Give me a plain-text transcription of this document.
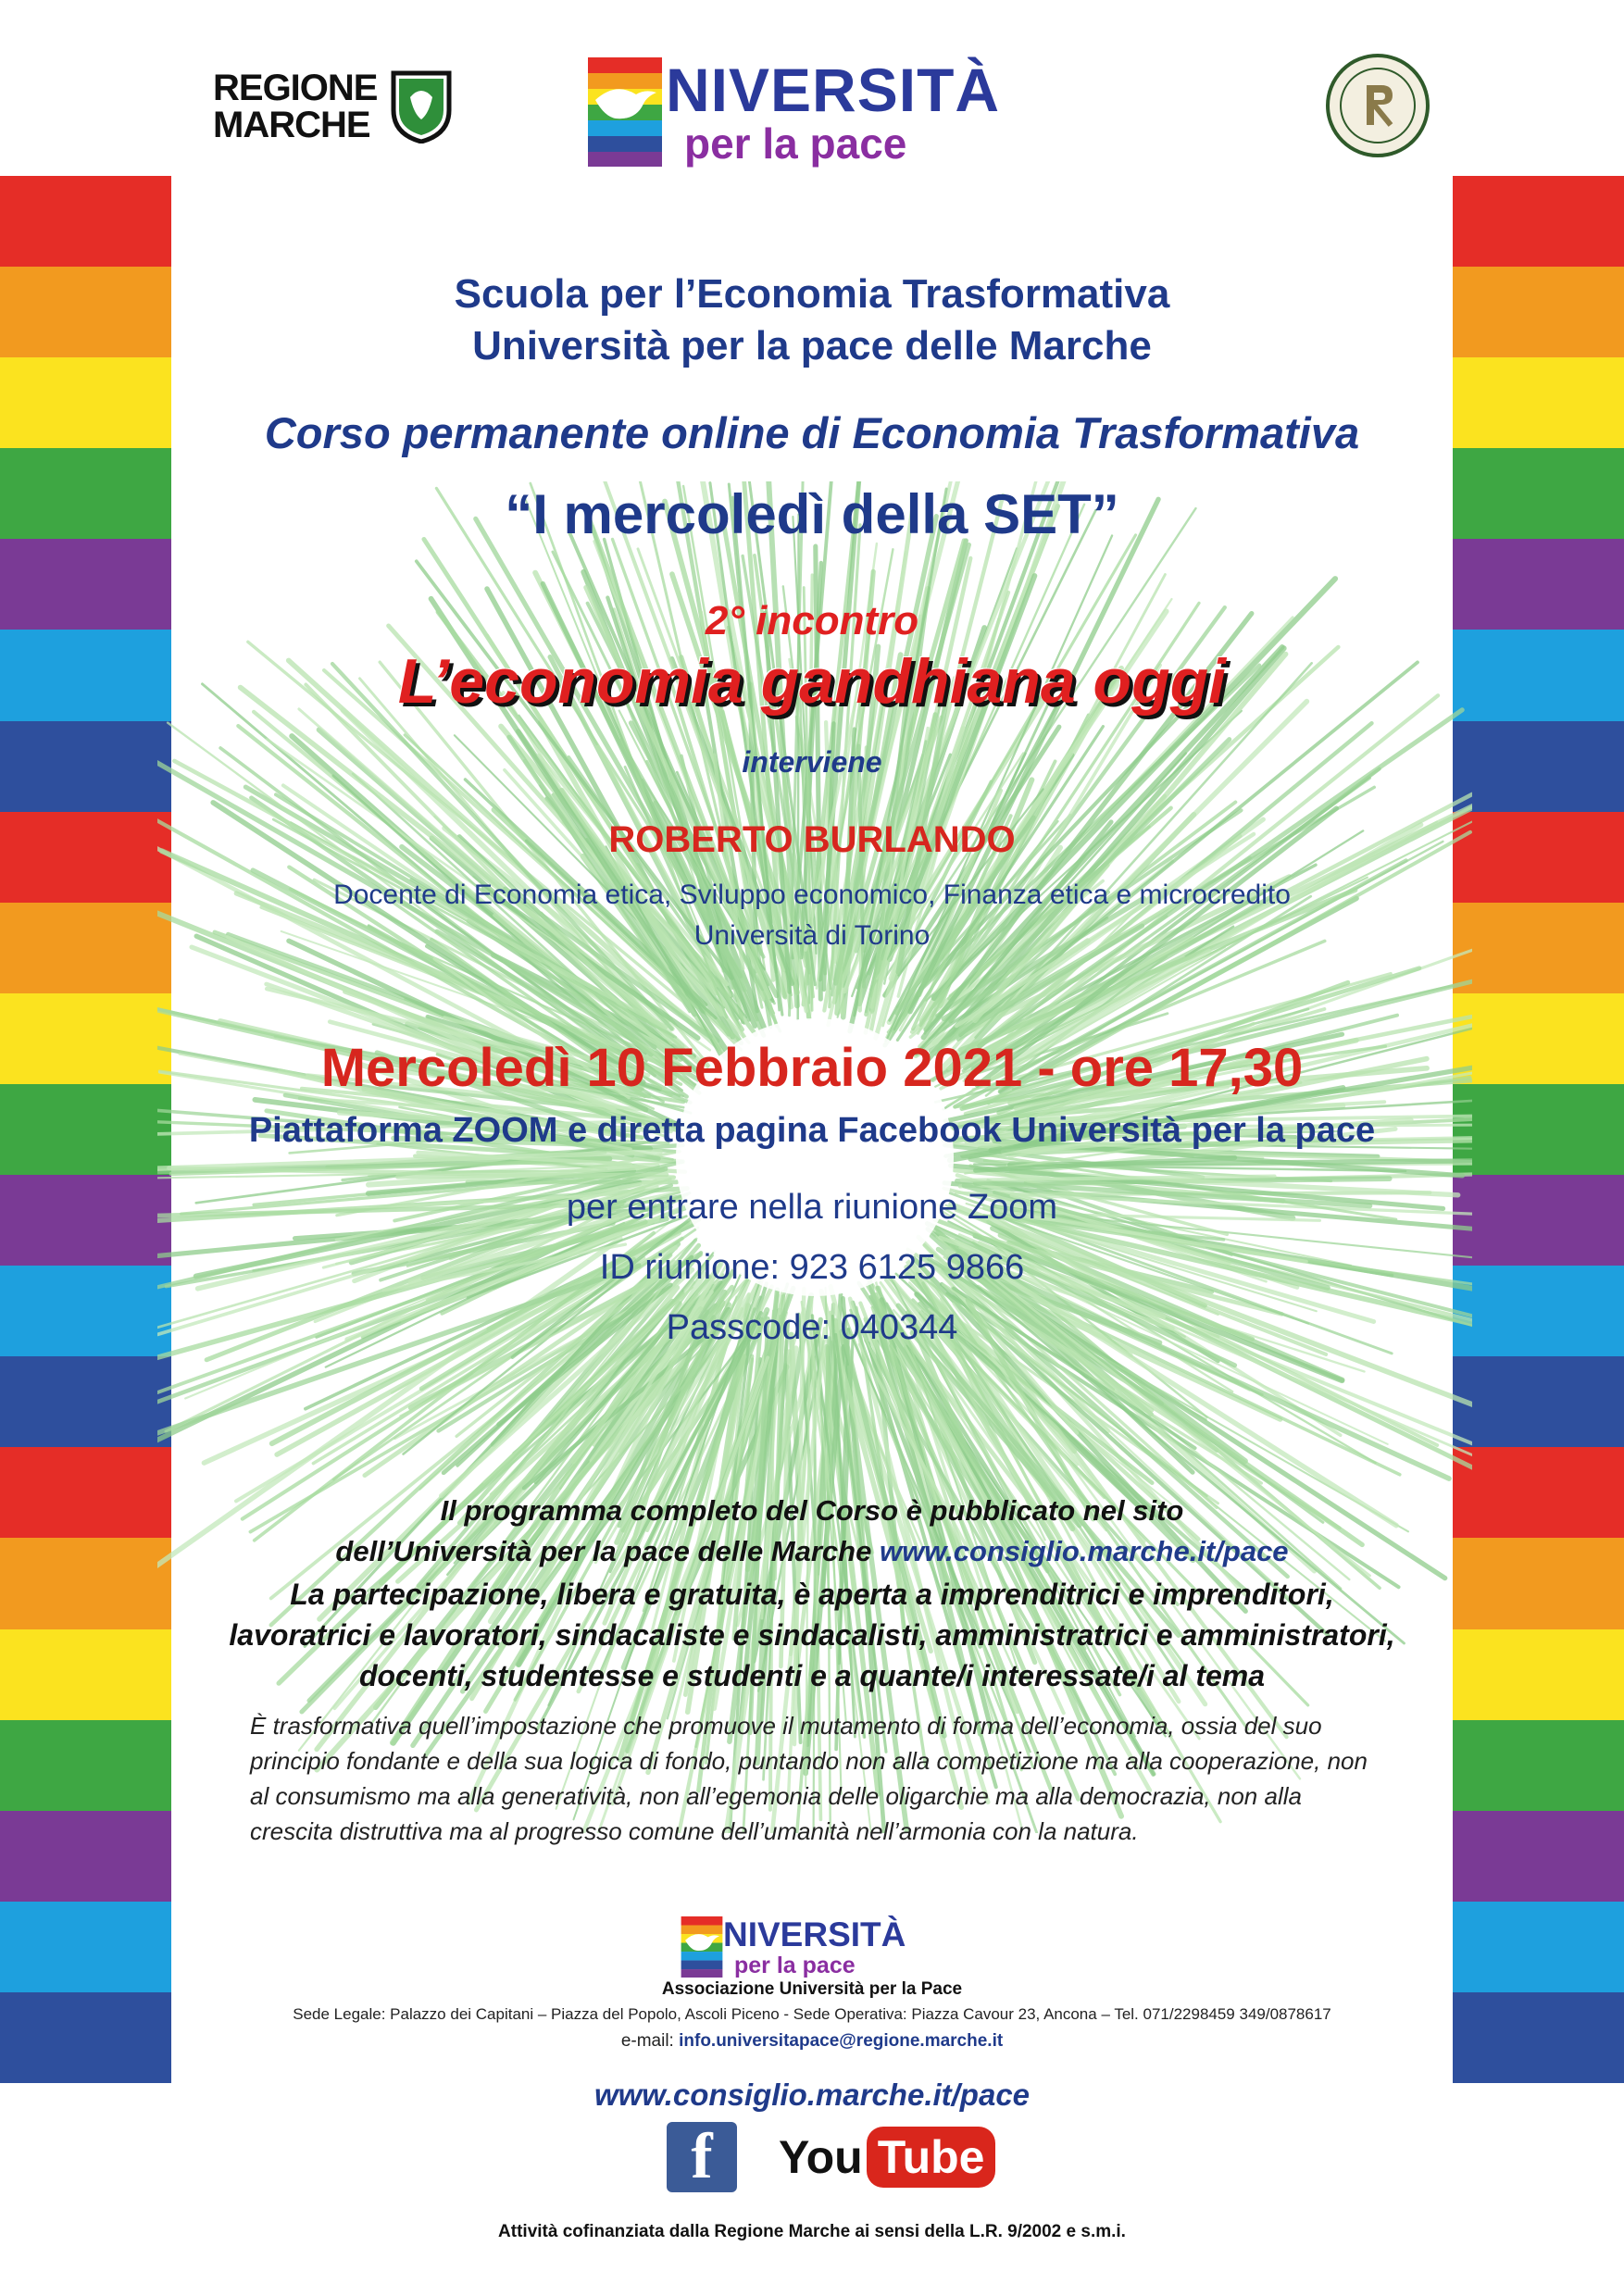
REGIONE
MARCHE
NIVERSITÀ
per la pace
Scuola per l’Economia Trasformativa
Università per la pace delle Marche
Corso permanente online di Economia Trasformativa
“I mercoledì della SET”
2° incontro
L’economia gandhiana oggi
interviene
ROBERTO BURLANDO
Docente di Economia etica, Sviluppo economico, Finanza etica e microcredito
Università di Torino
Mercoledì 10 Febbraio 2021 - ore 17,30
Piattaforma ZOOM e diretta pagina Facebook Università per la pace
per entrare nella riunione Zoom
ID riunione: 923 6125 9866
Passcode: 040344
Il programma completo del Corso è pubblicato nel sito
dell’Università per la pace delle Marche www.consiglio.marche.it/pace
La partecipazione, libera e gratuita, è aperta a imprenditrici e imprenditori,
lavoratrici e lavoratori, sindacaliste e sindacalisti, amministratrici e amministratori,
docenti, studentesse e studenti e a quante/i interessate/i al tema
È trasformativa quell’impostazione che promuove il mutamento di forma dell’economia, ossia del suo principio fondante e della sua logica di fondo, puntando non alla competizione ma alla cooperazione, non al consumismo ma alla generatività, non all’egemonia delle oligarchie ma alla democrazia, non alla crescita distruttiva ma al progresso comune dell’umanità nell’armonia con la natura.
NIVERSITÀ
per la pace
Associazione Università per la Pace
Sede Legale: Palazzo dei Capitani – Piazza del Popolo, Ascoli Piceno - Sede Operativa: Piazza Cavour 23, Ancona – Tel. 071/2298459 349/0878617
e-mail: info.universitapace@regione.marche.it
www.consiglio.marche.it/pace
f	You Tube
Attività cofinanziata dalla Regione Marche ai sensi della L.R. 9/2002 e s.m.i.
